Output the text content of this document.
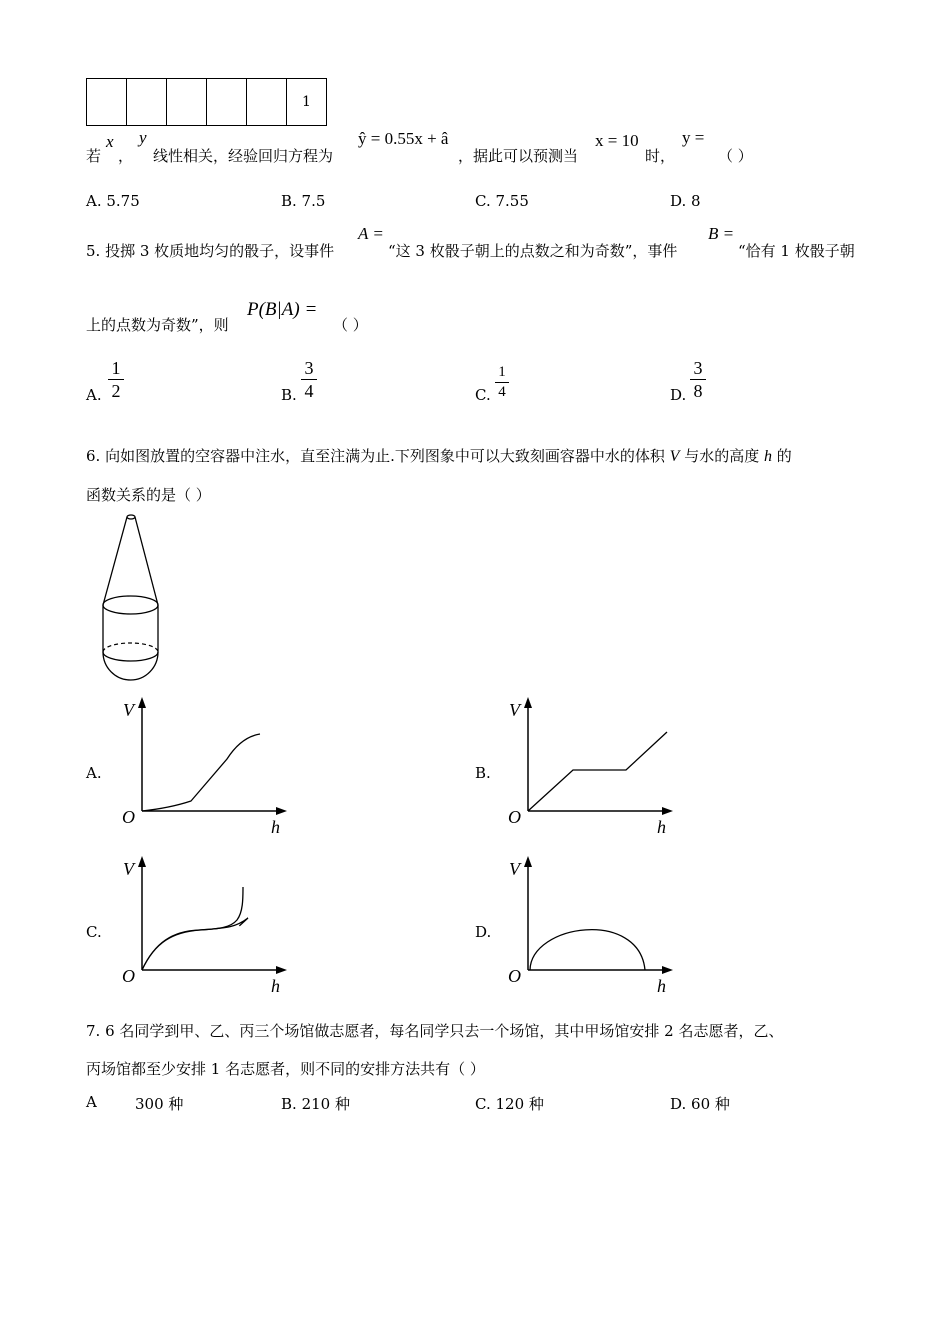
					1
若
x
，
y
线性相关，经验回归方程为
ŷ = 0.55x + â
，据此可以预测当
x = 10
时，
y =
（ ）
A. 5.75	B. 7.5	C. 7.55	D. 8
5. 投掷 3 枚质地均匀的骰子，设事件
A =
“这 3 枚骰子朝上的点数之和为奇数”，事件
B =
“恰有 1 枚骰子朝
上的点数为奇数”，则
P(B|A) =
（ ）
A.
1
2	B.
3
4	C.
1
4	D.
3
8
6. 向如图放置的空容器中注水，直至注满为止.下列图象中可以大致刻画容器中水的体积 V 与水的高度 h 的
函数关系的是（ ）
A.
V
h
O
B.
V
h
O
C.
V
h
O
D.
V
h
O
7. 6 名同学到甲、乙、丙三个场馆做志愿者，每名同学只去一个场馆，其中甲场馆安排 2 名志愿者，乙、
丙场馆都至少安排 1 名志愿者，则不同的安排方法共有（ ）
A	300 种	B. 210 种	C. 120 种	D. 60 种
